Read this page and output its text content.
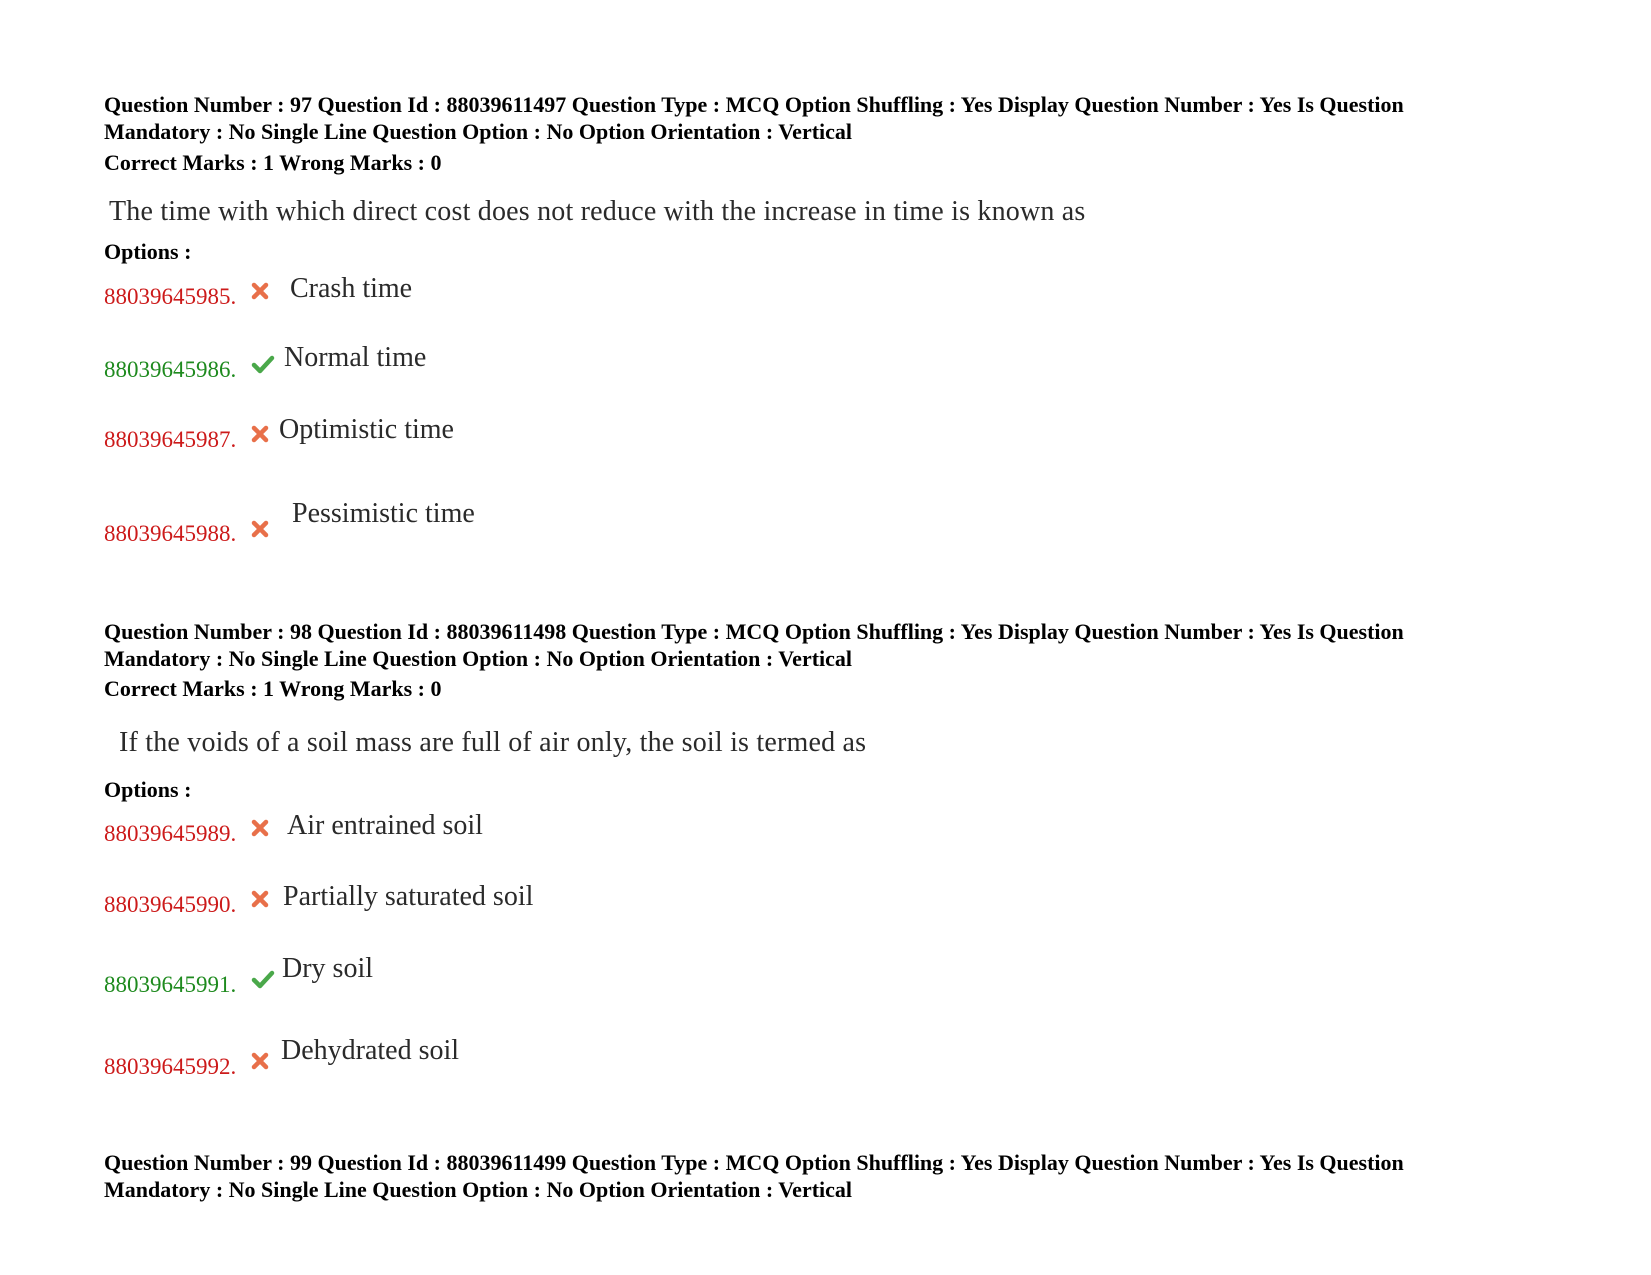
Question Number : 97 Question Id : 88039611497 Question Type : MCQ Option Shuffling : Yes Display Question Number : Yes Is Question
Mandatory : No Single Line Question Option : No Option Orientation : Vertical
Correct Marks : 1 Wrong Marks : 0
The time with which direct cost does not reduce with the increase in time is known as
Options :
88039645985. Crash time
88039645986. Normal time
88039645987. Optimistic time
88039645988.
Pessimistic time
Question Number : 98 Question Id : 88039611498 Question Type : MCQ Option Shuffling : Yes Display Question Number : Yes Is Question
Mandatory : No Single Line Question Option : No Option Orientation : Vertical
Correct Marks : 1 Wrong Marks : 0
If the voids of a soil mass are full of air only, the soil is termed as
Options :
88039645989. Air entrained soil
88039645990. Partially saturated soil
88039645991.
Dry soil
88039645992.
Dehydrated soil
Question Number : 99 Question Id : 88039611499 Question Type : MCQ Option Shuffling : Yes Display Question Number : Yes Is Question
Mandatory : No Single Line Question Option : No Option Orientation : Vertical
